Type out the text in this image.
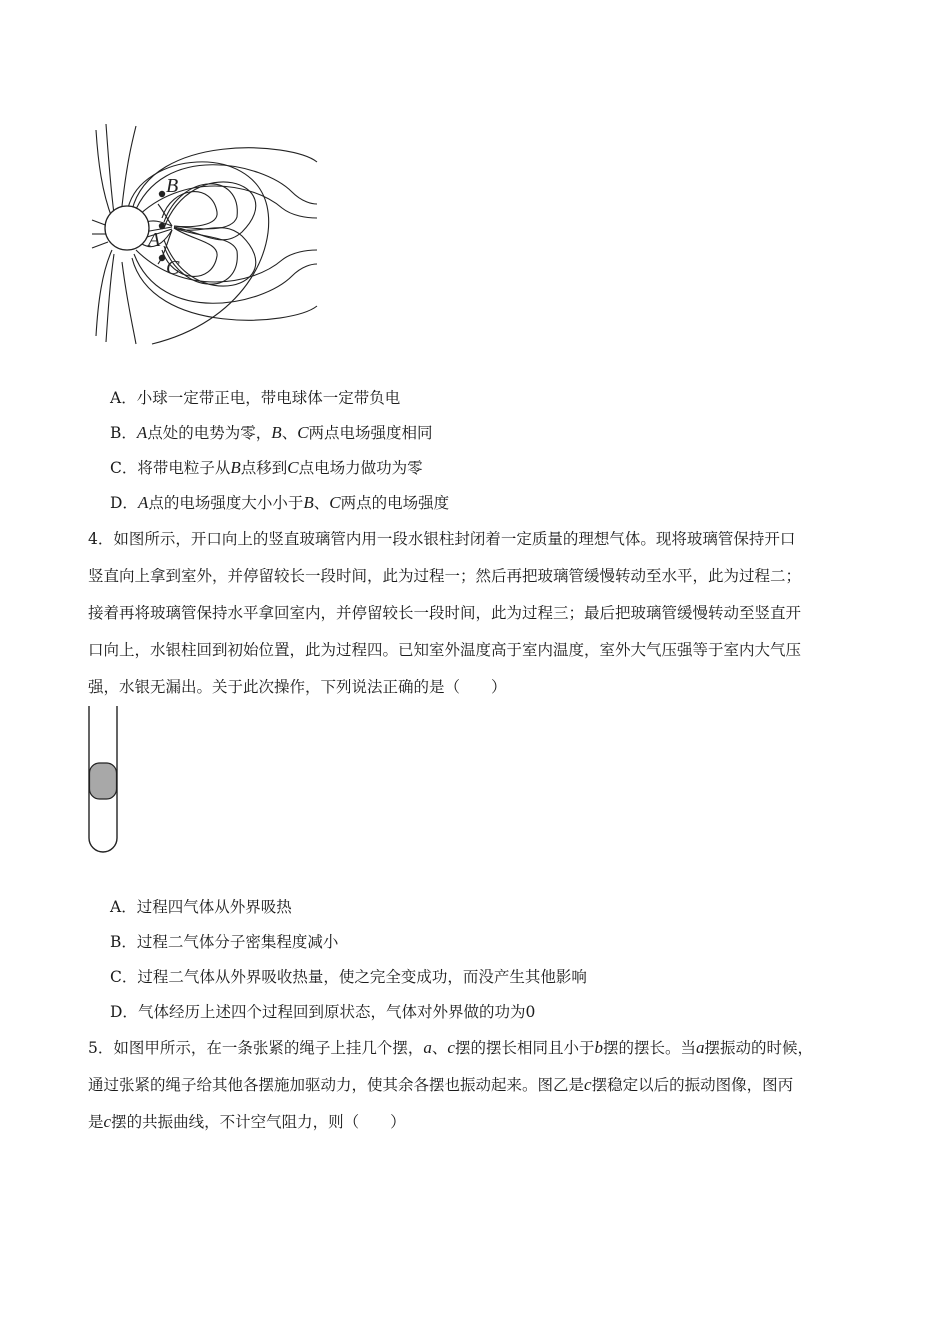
B
A
C
A．小球一定带正电，带电球体一定带负电
B．A点处的电势为零，B、C两点电场强度相同
C．将带电粒子从B点移到C点电场力做功为零
D．A点的电场强度大小小于B、C两点的电场强度
4．如图所示，开口向上的竖直玻璃管内用一段水银柱封闭着一定质量的理想气体。现将玻璃管保持开口
竖直向上拿到室外，并停留较长一段时间，此为过程一；然后再把玻璃管缓慢转动至水平，此为过程二；
接着再将玻璃管保持水平拿回室内，并停留较长一段时间，此为过程三；最后把玻璃管缓慢转动至竖直开
口向上，水银柱回到初始位置，此为过程四。已知室外温度高于室内温度，室外大气压强等于室内大气压
强，水银无漏出。关于此次操作，下列说法正确的是（　　）
A．过程四气体从外界吸热
B．过程二气体分子密集程度减小
C．过程二气体从外界吸收热量，使之完全变成功，而没产生其他影响
D．气体经历上述四个过程回到原状态，气体对外界做的功为0
5．如图甲所示，在一条张紧的绳子上挂几个摆，a、c摆的摆长相同且小于b摆的摆长。当a摆振动的时候，
通过张紧的绳子给其他各摆施加驱动力，使其余各摆也振动起来。图乙是c摆稳定以后的振动图像，图丙
是c摆的共振曲线，不计空气阻力，则（　　）
